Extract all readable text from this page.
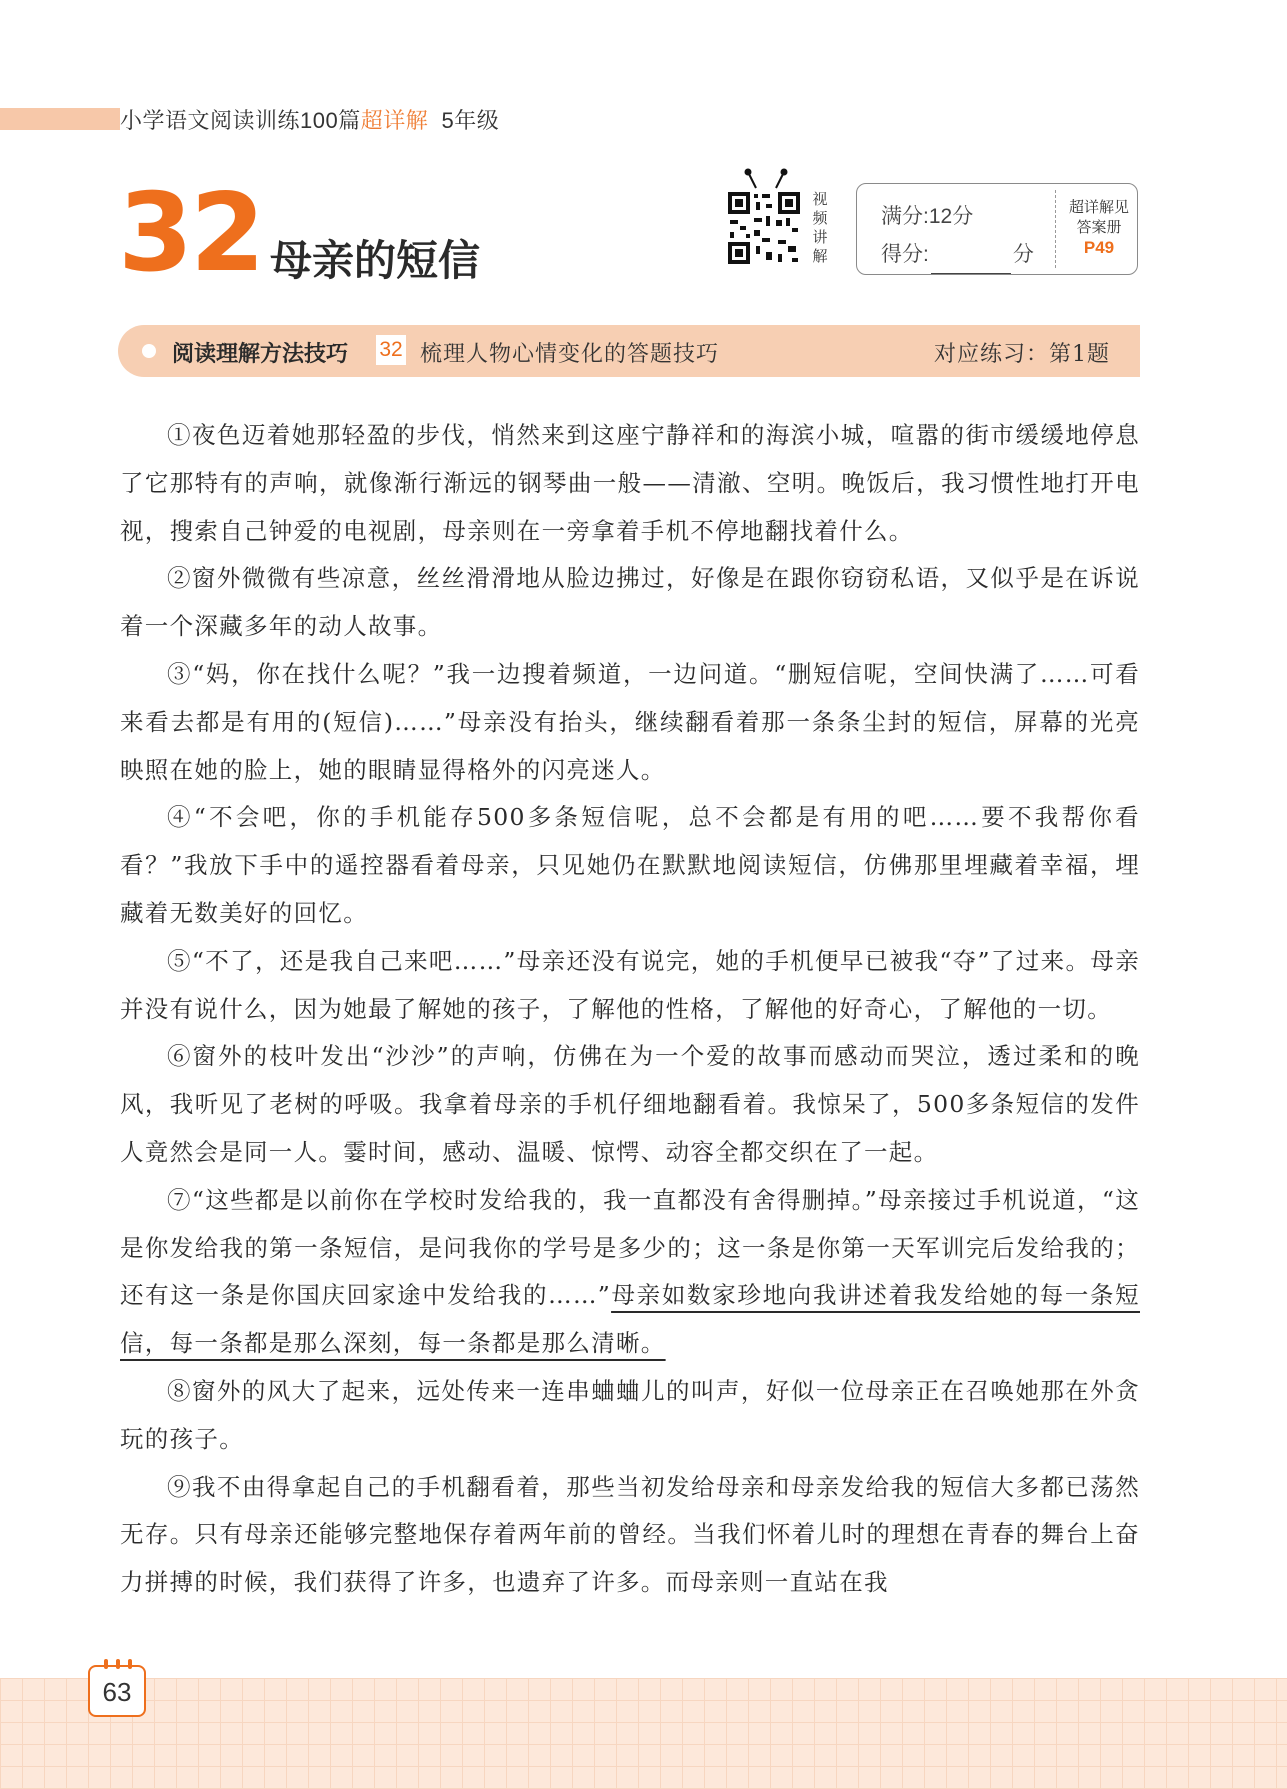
小学语文阅读训练100篇超详解 5年级
32 母亲的短信
视
频
讲
解
满分:12分
得分:	分
超详解见
答案册
P49
阅读理解方法技巧 32 梳理人物心情变化的答题技巧	对应练习：第1题

①夜色迈着她那轻盈的步伐，悄然来到这座宁静祥和的海滨小城，喧嚣的街市缓缓地停息了它那特有的声响，就像渐行渐远的钢琴曲一般——清澈、空明。晚饭后，我习惯性地打开电视，搜索自己钟爱的电视剧，母亲则在一旁拿着手机不停地翻找着什么。

②窗外微微有些凉意，丝丝滑滑地从脸边拂过，好像是在跟你窃窃私语，又似乎是在诉说着一个深藏多年的动人故事。

③“妈，你在找什么呢？”我一边搜着频道，一边问道。“删短信呢，空间快满了……可看来看去都是有用的(短信)……”母亲没有抬头，继续翻看着那一条条尘封的短信，屏幕的光亮映照在她的脸上，她的眼睛显得格外的闪亮迷人。

④“不会吧，你的手机能存500多条短信呢，总不会都是有用的吧……要不我帮你看看？”我放下手中的遥控器看着母亲，只见她仍在默默地阅读短信，仿佛那里埋藏着幸福，埋藏着无数美好的回忆。

⑤“不了，还是我自己来吧……”母亲还没有说完，她的手机便早已被我“夺”了过来。母亲并没有说什么，因为她最了解她的孩子，了解他的性格，了解他的好奇心，了解他的一切。

⑥窗外的枝叶发出“沙沙”的声响，仿佛在为一个爱的故事而感动而哭泣，透过柔和的晚风，我听见了老树的呼吸。我拿着母亲的手机仔细地翻看着。我惊呆了，500多条短信的发件人竟然会是同一人。霎时间，感动、温暖、惊愕、动容全都交织在了一起。

⑦“这些都是以前你在学校时发给我的，我一直都没有舍得删掉。”母亲接过手机说道，“这是你发给我的第一条短信，是问我你的学号是多少的；这一条是你第一天军训完后发给我的；还有这一条是你国庆回家途中发给我的……”母亲如数家珍地向我讲述着我发给她的每一条短信，每一条都是那么深刻，每一条都是那么清晰。

⑧窗外的风大了起来，远处传来一连串蛐蛐儿的叫声，好似一位母亲正在召唤她那在外贪玩的孩子。

⑨我不由得拿起自己的手机翻看着，那些当初发给母亲和母亲发给我的短信大多都已荡然无存。只有母亲还能够完整地保存着两年前的曾经。当我们怀着儿时的理想在青春的舞台上奋力拼搏的时候，我们获得了许多，也遗弃了许多。而母亲则一直站在我

63
